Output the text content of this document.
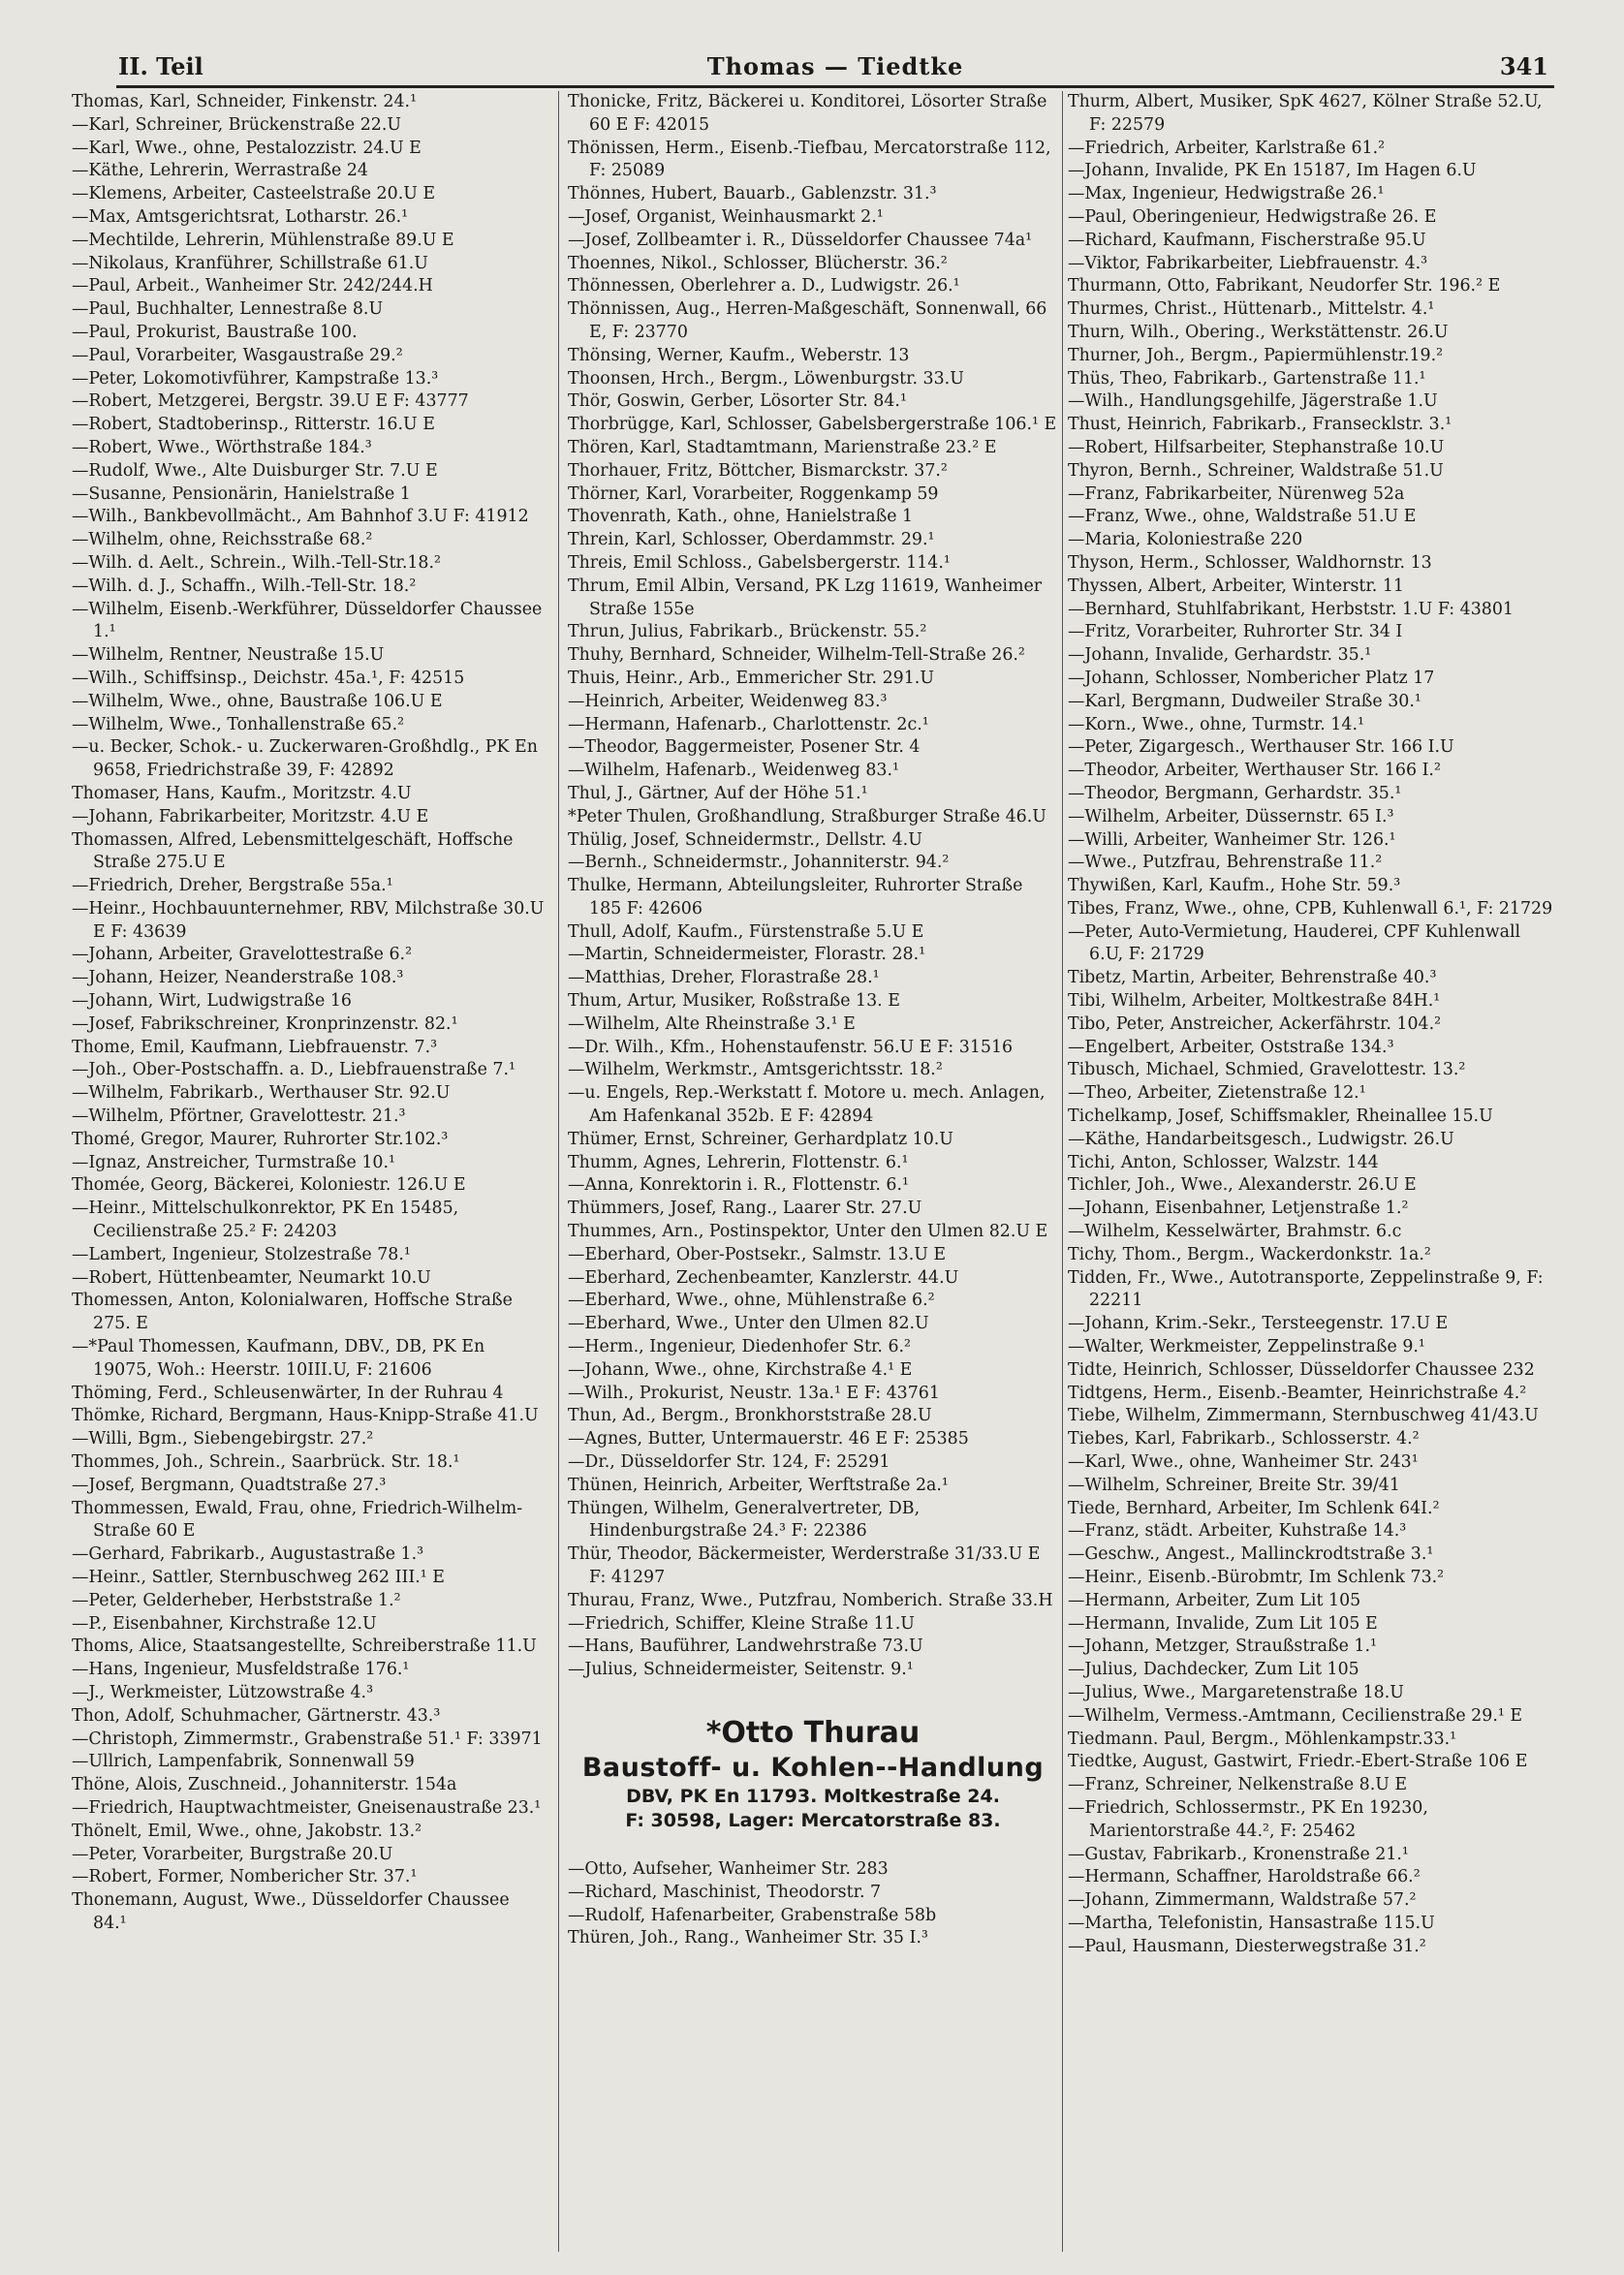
II. Teil	Thomas — Tiedtke	341

Thomas, Karl, Schneider, Finkenstr. 24.¹

—Karl, Schreiner, Brückenstraße 22.U

—Karl, Wwe., ohne, Pestalozzistr. 24.U E

—Käthe, Lehrerin, Werrastraße 24

—Klemens, Arbeiter, Casteelstraße 20.U E

—Max, Amtsgerichtsrat, Lotharstr. 26.¹

—Mechtilde, Lehrerin, Mühlenstraße 89.U E

—Nikolaus, Kranführer, Schillstraße 61.U

—Paul, Arbeit., Wanheimer Str. 242/244.H

—Paul, Buchhalter, Lennestraße 8.U

—Paul, Prokurist, Baustraße 100.

—Paul, Vorarbeiter, Wasgaustraße 29.²

—Peter, Lokomotivführer, Kampstraße 13.³

—Robert, Metzgerei, Bergstr. 39.U E F: 43777

—Robert, Stadtoberinsp., Ritterstr. 16.U E

—Robert, Wwe., Wörthstraße 184.³

—Rudolf, Wwe., Alte Duisburger Str. 7.U E

—Susanne, Pensionärin, Hanielstraße 1

—Wilh., Bankbevollmächt., Am Bahnhof 3.U F: 41912

—Wilhelm, ohne, Reichsstraße 68.²

—Wilh. d. Aelt., Schrein., Wilh.-Tell-Str.18.²

—Wilh. d. J., Schaffn., Wilh.-Tell-Str. 18.²

—Wilhelm, Eisenb.-Werkführer, Düsseldorfer Chaussee 1.¹

—Wilhelm, Rentner, Neustraße 15.U

—Wilh., Schiffsinsp., Deichstr. 45a.¹, F: 42515

—Wilhelm, Wwe., ohne, Baustraße 106.U E

—Wilhelm, Wwe., Tonhallenstraße 65.²

—u. Becker, Schok.- u. Zuckerwaren-Großhdlg., PK En 9658, Friedrichstraße 39, F: 42892

Thomaser, Hans, Kaufm., Moritzstr. 4.U

—Johann, Fabrikarbeiter, Moritzstr. 4.U E

Thomassen, Alfred, Lebensmittelgeschäft, Hoffsche Straße 275.U E

—Friedrich, Dreher, Bergstraße 55a.¹

—Heinr., Hochbauunternehmer, RBV, Milchstraße 30.U E F: 43639

—Johann, Arbeiter, Gravelottestraße 6.²

—Johann, Heizer, Neanderstraße 108.³

—Johann, Wirt, Ludwigstraße 16

—Josef, Fabrikschreiner, Kronprinzenstr. 82.¹

Thome, Emil, Kaufmann, Liebfrauenstr. 7.³

—Joh., Ober-Postschaffn. a. D., Liebfrauenstraße 7.¹

—Wilhelm, Fabrikarb., Werthauser Str. 92.U

—Wilhelm, Pförtner, Gravelottestr. 21.³

Thomé, Gregor, Maurer, Ruhrorter Str.102.³

—Ignaz, Anstreicher, Turmstraße 10.¹

Thomée, Georg, Bäckerei, Koloniestr. 126.U E

—Heinr., Mittelschulkonrektor, PK En 15485, Cecilienstraße 25.² F: 24203

—Lambert, Ingenieur, Stolzestraße 78.¹

—Robert, Hüttenbeamter, Neumarkt 10.U

Thomessen, Anton, Kolonialwaren, Hoffsche Straße 275. E

—*Paul Thomessen, Kaufmann, DBV., DB, PK En 19075, Woh.: Heerstr. 10III.U, F: 21606

Thöming, Ferd., Schleusenwärter, In der Ruhrau 4

Thömke, Richard, Bergmann, Haus-Knipp-Straße 41.U

—Willi, Bgm., Siebengebirgstr. 27.²

Thommes, Joh., Schrein., Saarbrück. Str. 18.¹

—Josef, Bergmann, Quadtstraße 27.³

Thommessen, Ewald, Frau, ohne, Friedrich-Wilhelm-Straße 60 E

—Gerhard, Fabrikarb., Augustastraße 1.³

—Heinr., Sattler, Sternbuschweg 262 III.¹ E

—Peter, Gelderheber, Herbststraße 1.²

—P., Eisenbahner, Kirchstraße 12.U

Thoms, Alice, Staatsangestellte, Schreiberstraße 11.U

—Hans, Ingenieur, Musfeldstraße 176.¹

—J., Werkmeister, Lützowstraße 4.³

Thon, Adolf, Schuhmacher, Gärtnerstr. 43.³

—Christoph, Zimmermstr., Grabenstraße 51.¹ F: 33971

—Ullrich, Lampenfabrik, Sonnenwall 59

Thöne, Alois, Zuschneid., Johanniterstr. 154a

—Friedrich, Hauptwachtmeister, Gneisenaustraße 23.¹

Thönelt, Emil, Wwe., ohne, Jakobstr. 13.²

—Peter, Vorarbeiter, Burgstraße 20.U

—Robert, Former, Nombericher Str. 37.¹

Thonemann, August, Wwe., Düsseldorfer Chaussee 84.¹

Thonicke, Fritz, Bäckerei u. Konditorei, Lösorter Straße 60 E F: 42015

Thönissen, Herm., Eisenb.-Tiefbau, Mercatorstraße 112, F: 25089

Thönnes, Hubert, Bauarb., Gablenzstr. 31.³

—Josef, Organist, Weinhausmarkt 2.¹

—Josef, Zollbeamter i. R., Düsseldorfer Chaussee 74a¹

Thoennes, Nikol., Schlosser, Blücherstr. 36.²

Thönnessen, Oberlehrer a. D., Ludwigstr. 26.¹

Thönnissen, Aug., Herren-Maßgeschäft, Sonnenwall, 66 E, F: 23770

Thönsing, Werner, Kaufm., Weberstr. 13

Thoonsen, Hrch., Bergm., Löwenburgstr. 33.U

Thör, Goswin, Gerber, Lösorter Str. 84.¹

Thorbrügge, Karl, Schlosser, Gabelsbergerstraße 106.¹ E

Thören, Karl, Stadtamtmann, Marienstraße 23.² E

Thorhauer, Fritz, Böttcher, Bismarckstr. 37.²

Thörner, Karl, Vorarbeiter, Roggenkamp 59

Thovenrath, Kath., ohne, Hanielstraße 1

Threin, Karl, Schlosser, Oberdammstr. 29.¹

Threis, Emil Schloss., Gabelsbergerstr. 114.¹

Thrum, Emil Albin, Versand, PK Lzg 11619, Wanheimer Straße 155e

Thrun, Julius, Fabrikarb., Brückenstr. 55.²

Thuhy, Bernhard, Schneider, Wilhelm-Tell-Straße 26.²

Thuis, Heinr., Arb., Emmericher Str. 291.U

—Heinrich, Arbeiter, Weidenweg 83.³

—Hermann, Hafenarb., Charlottenstr. 2c.¹

—Theodor, Baggermeister, Posener Str. 4

—Wilhelm, Hafenarb., Weidenweg 83.¹

Thul, J., Gärtner, Auf der Höhe 51.¹

*Peter Thulen, Großhandlung, Straßburger Straße 46.U

Thülig, Josef, Schneidermstr., Dellstr. 4.U

—Bernh., Schneidermstr., Johanniterstr. 94.²

Thulke, Hermann, Abteilungsleiter, Ruhrorter Straße 185 F: 42606

Thull, Adolf, Kaufm., Fürstenstraße 5.U E

—Martin, Schneidermeister, Florastr. 28.¹

—Matthias, Dreher, Florastraße 28.¹

Thum, Artur, Musiker, Roßstraße 13. E

—Wilhelm, Alte Rheinstraße 3.¹ E

—Dr. Wilh., Kfm., Hohenstaufenstr. 56.U E F: 31516

—Wilhelm, Werkmstr., Amtsgerichtsstr. 18.²

—u. Engels, Rep.-Werkstatt f. Motore u. mech. Anlagen, Am Hafenkanal 352b. E F: 42894

Thümer, Ernst, Schreiner, Gerhardplatz 10.U

Thumm, Agnes, Lehrerin, Flottenstr. 6.¹

—Anna, Konrektorin i. R., Flottenstr. 6.¹

Thümmers, Josef, Rang., Laarer Str. 27.U

Thummes, Arn., Postinspektor, Unter den Ulmen 82.U E

—Eberhard, Ober-Postsekr., Salmstr. 13.U E

—Eberhard, Zechenbeamter, Kanzlerstr. 44.U

—Eberhard, Wwe., ohne, Mühlenstraße 6.²

—Eberhard, Wwe., Unter den Ulmen 82.U

—Herm., Ingenieur, Diedenhofer Str. 6.²

—Johann, Wwe., ohne, Kirchstraße 4.¹ E

—Wilh., Prokurist, Neustr. 13a.¹ E F: 43761

Thun, Ad., Bergm., Bronkhorststraße 28.U

—Agnes, Butter, Untermauerstr. 46 E F: 25385

—Dr., Düsseldorfer Str. 124, F: 25291

Thünen, Heinrich, Arbeiter, Werftstraße 2a.¹

Thüngen, Wilhelm, Generalvertreter, DB, Hindenburgstraße 24.³ F: 22386

Thür, Theodor, Bäckermeister, Werderstraße 31/33.U E F: 41297

Thurau, Franz, Wwe., Putzfrau, Nomberich. Straße 33.H

—Friedrich, Schiffer, Kleine Straße 11.U

—Hans, Bauführer, Landwehrstraße 73.U

—Julius, Schneidermeister, Seitenstr. 9.¹

*Otto Thurau
Baustoff- u. Kohlen--Handlung
DBV, PK En 11793. Moltkestraße 24.
F: 30598, Lager: Mercatorstraße 83.

—Otto, Aufseher, Wanheimer Str. 283

—Richard, Maschinist, Theodorstr. 7

—Rudolf, Hafenarbeiter, Grabenstraße 58b

Thüren, Joh., Rang., Wanheimer Str. 35 I.³

Thurm, Albert, Musiker, SpK 4627, Kölner Straße 52.U, F: 22579

—Friedrich, Arbeiter, Karlstraße 61.²

—Johann, Invalide, PK En 15187, Im Hagen 6.U

—Max, Ingenieur, Hedwigstraße 26.¹

—Paul, Oberingenieur, Hedwigstraße 26. E

—Richard, Kaufmann, Fischerstraße 95.U

—Viktor, Fabrikarbeiter, Liebfrauenstr. 4.³

Thurmann, Otto, Fabrikant, Neudorfer Str. 196.² E

Thurmes, Christ., Hüttenarb., Mittelstr. 4.¹

Thurn, Wilh., Obering., Werkstättenstr. 26.U

Thurner, Joh., Bergm., Papiermühlenstr.19.²

Thüs, Theo, Fabrikarb., Gartenstraße 11.¹

—Wilh., Handlungsgehilfe, Jägerstraße 1.U

Thust, Heinrich, Fabrikarb., Fransecklstr. 3.¹

—Robert, Hilfsarbeiter, Stephanstraße 10.U

Thyron, Bernh., Schreiner, Waldstraße 51.U

—Franz, Fabrikarbeiter, Nürenweg 52a

—Franz, Wwe., ohne, Waldstraße 51.U E

—Maria, Koloniestraße 220

Thyson, Herm., Schlosser, Waldhornstr. 13

Thyssen, Albert, Arbeiter, Winterstr. 11

—Bernhard, Stuhlfabrikant, Herbststr. 1.U F: 43801

—Fritz, Vorarbeiter, Ruhrorter Str. 34 I

—Johann, Invalide, Gerhardstr. 35.¹

—Johann, Schlosser, Nombericher Platz 17

—Karl, Bergmann, Dudweiler Straße 30.¹

—Korn., Wwe., ohne, Turmstr. 14.¹

—Peter, Zigargesch., Werthauser Str. 166 I.U

—Theodor, Arbeiter, Werthauser Str. 166 I.²

—Theodor, Bergmann, Gerhardstr. 35.¹

—Wilhelm, Arbeiter, Düssernstr. 65 I.³

—Willi, Arbeiter, Wanheimer Str. 126.¹

—Wwe., Putzfrau, Behrenstraße 11.²

Thywißen, Karl, Kaufm., Hohe Str. 59.³

Tibes, Franz, Wwe., ohne, CPB, Kuhlenwall 6.¹, F: 21729

—Peter, Auto-Vermietung, Hauderei, CPF Kuhlenwall 6.U, F: 21729

Tibetz, Martin, Arbeiter, Behrenstraße 40.³

Tibi, Wilhelm, Arbeiter, Moltkestraße 84H.¹

Tibo, Peter, Anstreicher, Ackerfährstr. 104.²

—Engelbert, Arbeiter, Oststraße 134.³

Tibusch, Michael, Schmied, Gravelottestr. 13.²

—Theo, Arbeiter, Zietenstraße 12.¹

Tichelkamp, Josef, Schiffsmakler, Rheinallee 15.U

—Käthe, Handarbeitsgesch., Ludwigstr. 26.U

Tichi, Anton, Schlosser, Walzstr. 144

Tichler, Joh., Wwe., Alexanderstr. 26.U E

—Johann, Eisenbahner, Letjenstraße 1.²

—Wilhelm, Kesselwärter, Brahmstr. 6.c

Tichy, Thom., Bergm., Wackerdonkstr. 1a.²

Tidden, Fr., Wwe., Autotransporte, Zeppelinstraße 9, F: 22211

—Johann, Krim.-Sekr., Tersteegenstr. 17.U E

—Walter, Werkmeister, Zeppelinstraße 9.¹

Tidte, Heinrich, Schlosser, Düsseldorfer Chaussee 232

Tidtgens, Herm., Eisenb.-Beamter, Heinrichstraße 4.²

Tiebe, Wilhelm, Zimmermann, Sternbuschweg 41/43.U

Tiebes, Karl, Fabrikarb., Schlosserstr. 4.²

—Karl, Wwe., ohne, Wanheimer Str. 243¹

—Wilhelm, Schreiner, Breite Str. 39/41

Tiede, Bernhard, Arbeiter, Im Schlenk 64I.²

—Franz, städt. Arbeiter, Kuhstraße 14.³

—Geschw., Angest., Mallinckrodtstraße 3.¹

—Heinr., Eisenb.-Bürobmtr, Im Schlenk 73.²

—Hermann, Arbeiter, Zum Lit 105

—Hermann, Invalide, Zum Lit 105 E

—Johann, Metzger, Straußstraße 1.¹

—Julius, Dachdecker, Zum Lit 105

—Julius, Wwe., Margaretenstraße 18.U

—Wilhelm, Vermess.-Amtmann, Cecilienstraße 29.¹ E

Tiedmann. Paul, Bergm., Möhlenkampstr.33.¹

Tiedtke, August, Gastwirt, Friedr.-Ebert-Straße 106 E

—Franz, Schreiner, Nelkenstraße 8.U E

—Friedrich, Schlossermstr., PK En 19230, Marientorstraße 44.², F: 25462

—Gustav, Fabrikarb., Kronenstraße 21.¹

—Hermann, Schaffner, Haroldstraße 66.²

—Johann, Zimmermann, Waldstraße 57.²

—Martha, Telefonistin, Hansastraße 115.U

—Paul, Hausmann, Diesterwegstraße 31.²
